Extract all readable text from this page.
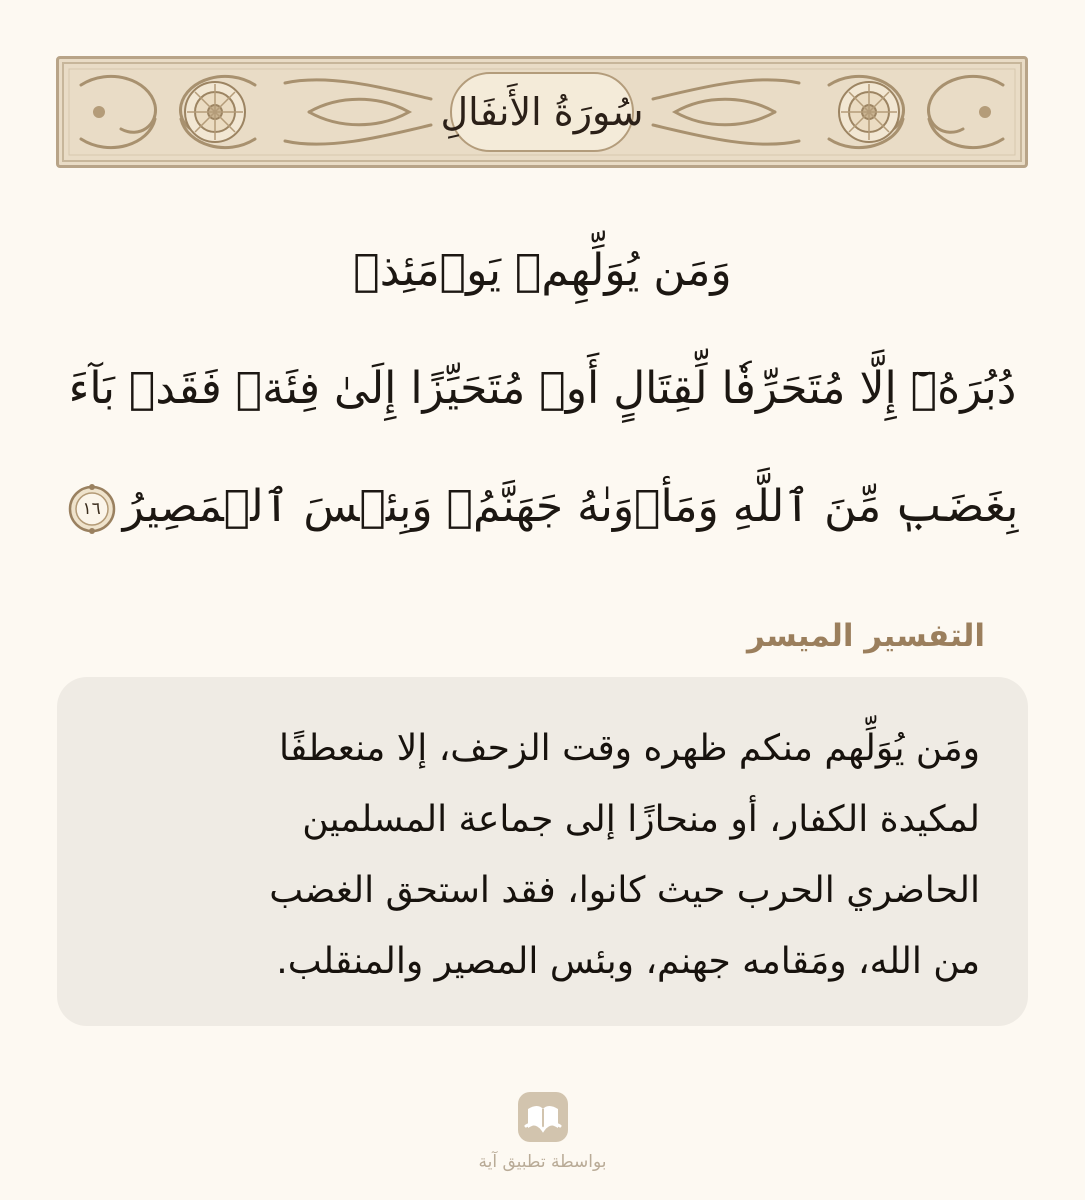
سُورَةُ الأَنفَالِ
وَمَن يُوَلِّهِمۡ يَوۡمَئِذٖ
دُبُرَهُۥٓ إِلَّا مُتَحَرِّفٗا لِّقِتَالٍ أَوۡ مُتَحَيِّزًا إِلَىٰ فِئَةٖ فَقَدۡ بَآءَ
بِغَضَبٖ مِّنَ ٱللَّهِ وَمَأۡوَىٰهُ جَهَنَّمُۖ وَبِئۡسَ ٱلۡمَصِيرُ
١٦
التفسير الميسر
ومَن يُوَلِّهم منكم ظهره وقت الزحف، إلا منعطفًا
لمكيدة الكفار، أو منحازًا إلى جماعة المسلمين
الحاضري الحرب حيث كانوا، فقد استحق الغضب
من الله، ومَقامه جهنم، وبئس المصير والمنقلب.
بواسطة تطبيق آية
